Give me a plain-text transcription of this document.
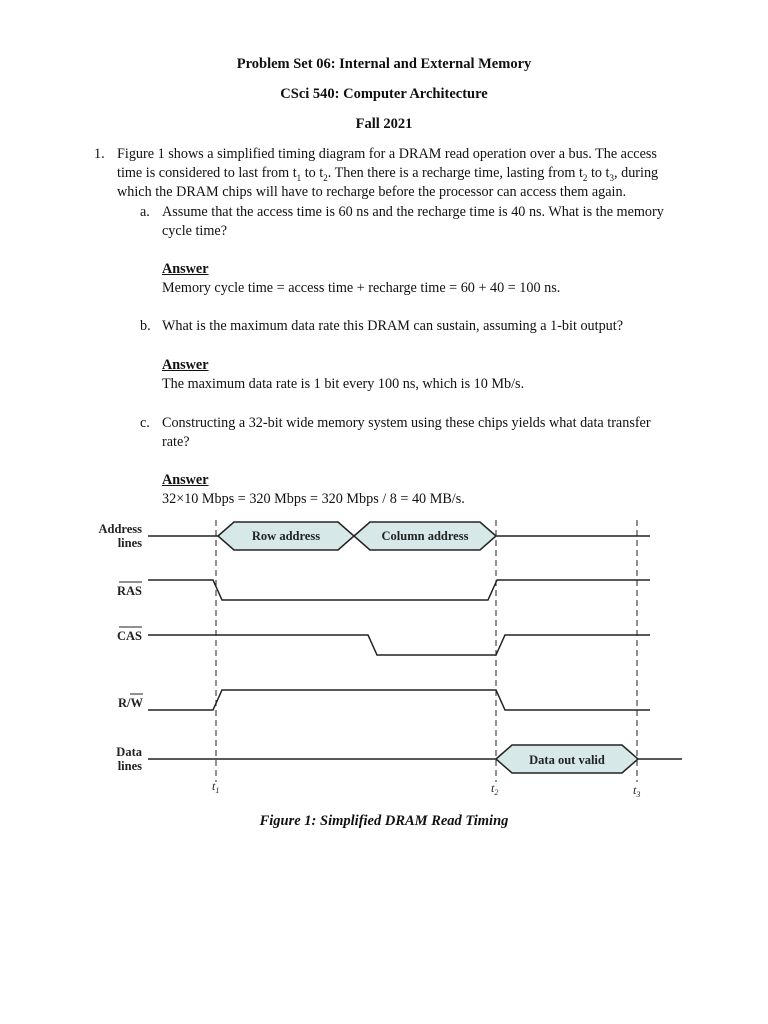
Problem Set 06: Internal and External Memory
CSci 540: Computer Architecture
Fall 2021
1. Figure 1 shows a simplified timing diagram for a DRAM read operation over a bus. The access
time is considered to last from $t_1$ to $t_2$. Then there is a recharge time, lasting from $t_2$ to $t_3$, during
which the DRAM chips will have to recharge before the processor can access them again.
a. Assume that the access time is 60 ns and the recharge time is 40 ns. What is the memory
cycle time?
Answer
Memory cycle time = access time + recharge time = 60 + 40 = 100 ns.
b. What is the maximum data rate this DRAM can sustain, assuming a 1-bit output?
Answer
The maximum data rate is 1 bit every 100 ns, which is 10 Mb/s.
c. Constructing a 32-bit wide memory system using these chips yields what data transfer
rate?
Answer
32×10 Mbps = 320 Mbps = 320 Mbps / 8 = 40 MB/s.
Row address	Column address
Data out valid
Address
lines
RAS
CAS
R/W
Data
lines
$t_1$	$t_2$	$t_3$
Figure 1: Simplified DRAM Read Timing
